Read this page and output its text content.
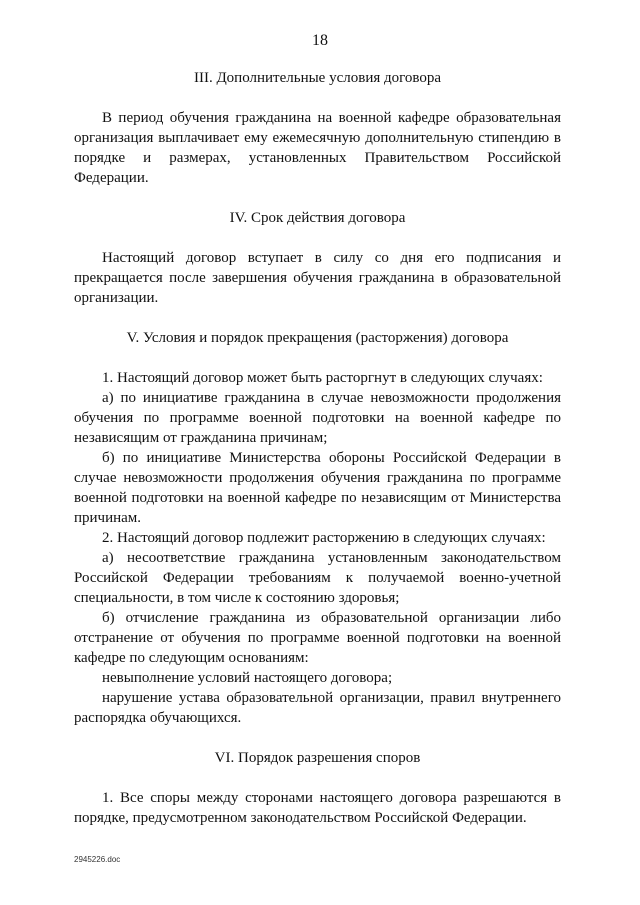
18

III. Дополнительные условия договора

В период обучения гражданина на военной кафедре образовательная организация выплачивает ему ежемесячную дополнительную стипендию в порядке и размерах, установленных Правительством Российской Федерации.

IV. Срок действия договора

Настоящий договор вступает в силу со дня его подписания и прекращается после завершения обучения гражданина в образовательной организации.

V. Условия и порядок прекращения (расторжения) договора

1. Настоящий договор может быть расторгнут в следующих случаях:

а) по инициативе гражданина в случае невозможности продолжения обучения по программе военной подготовки на военной кафедре по независящим от гражданина причинам;

б) по инициативе Министерства обороны Российской Федерации в случае невозможности продолжения обучения гражданина по программе военной подготовки на военной кафедре по независящим от Министерства причинам.

2. Настоящий договор подлежит расторжению в следующих случаях:

а) несоответствие гражданина установленным законодательством Российской Федерации требованиям к получаемой военно-учетной специальности, в том числе к состоянию здоровья;

б) отчисление гражданина из образовательной организации либо отстранение от обучения по программе военной подготовки на военной кафедре по следующим основаниям:

невыполнение условий настоящего договора;

нарушение устава образовательной организации, правил внутреннего распорядка обучающихся.

VI. Порядок разрешения споров

1. Все споры между сторонами настоящего договора разрешаются в порядке, предусмотренном законодательством Российской Федерации.

2945226.doc
